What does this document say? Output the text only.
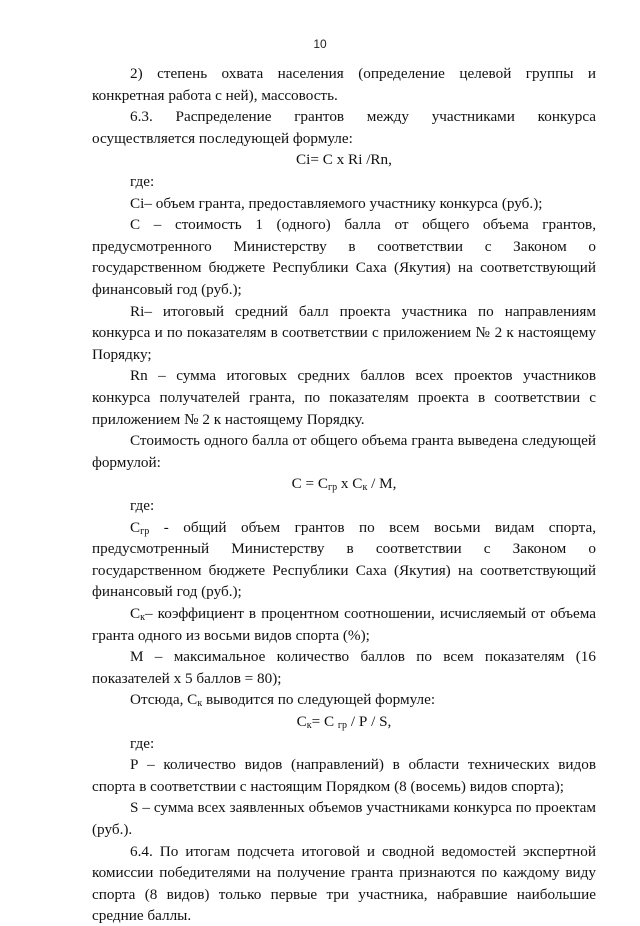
10
2) степень охвата населения (определение целевой группы и
конкретная работа с ней), массовость.
6.3. Распределение грантов между участниками конкурса
осуществляется последующей формуле:
Ci= С x Ri /Rn,
где:
Ci– объем гранта, предоставляемого участнику конкурса (руб.);
С – стоимость 1 (одного) балла от общего объема грантов,
предусмотренного Министерству в соответствии с Законом о
государственном бюджете Республики Саха (Якутия) на соответствующий
финансовый год (руб.);
Ri– итоговый средний балл проекта участника по направлениям
конкурса и по показателям в соответствии с приложением № 2 к настоящему
Порядку;
Rn – сумма итоговых средних баллов всех проектов участников
конкурса получателей гранта, по показателям проекта в соответствии с
приложением № 2 к настоящему Порядку.
Стоимость одного балла от общего объема гранта выведена следующей
формулой:
$С = С_{гр}$ x $С_к$ / М,
где:
$С_{гр}$ - общий объем грантов по всем восьми видам спорта,
предусмотренный Министерству в соответствии с Законом о
государственном бюджете Республики Саха (Якутия) на соответствующий
финансовый год (руб.);
$С_к-$ коэффициент в процентном соотношении, исчисляемый от объема
гранта одного из восьми видов спорта (%);
М – максимальное количество баллов по всем показателям (16
показателей х 5 баллов = 80);
Отсюда, $С_к$ выводится по следующей формуле:
$С_к= С$ $_{гр}$ / Р / S,
где:
Р – количество видов (направлений) в области технических видов
спорта в соответствии с настоящим Порядком (8 (восемь) видов спорта);
S – сумма всех заявленных объемов участниками конкурса по проектам
(руб.).
6.4. По итогам подсчета итоговой и сводной ведомостей экспертной
комиссии победителями на получение гранта признаются по каждому виду
спорта (8 видов) только первые три участника, набравшие наибольшие
средние баллы.
